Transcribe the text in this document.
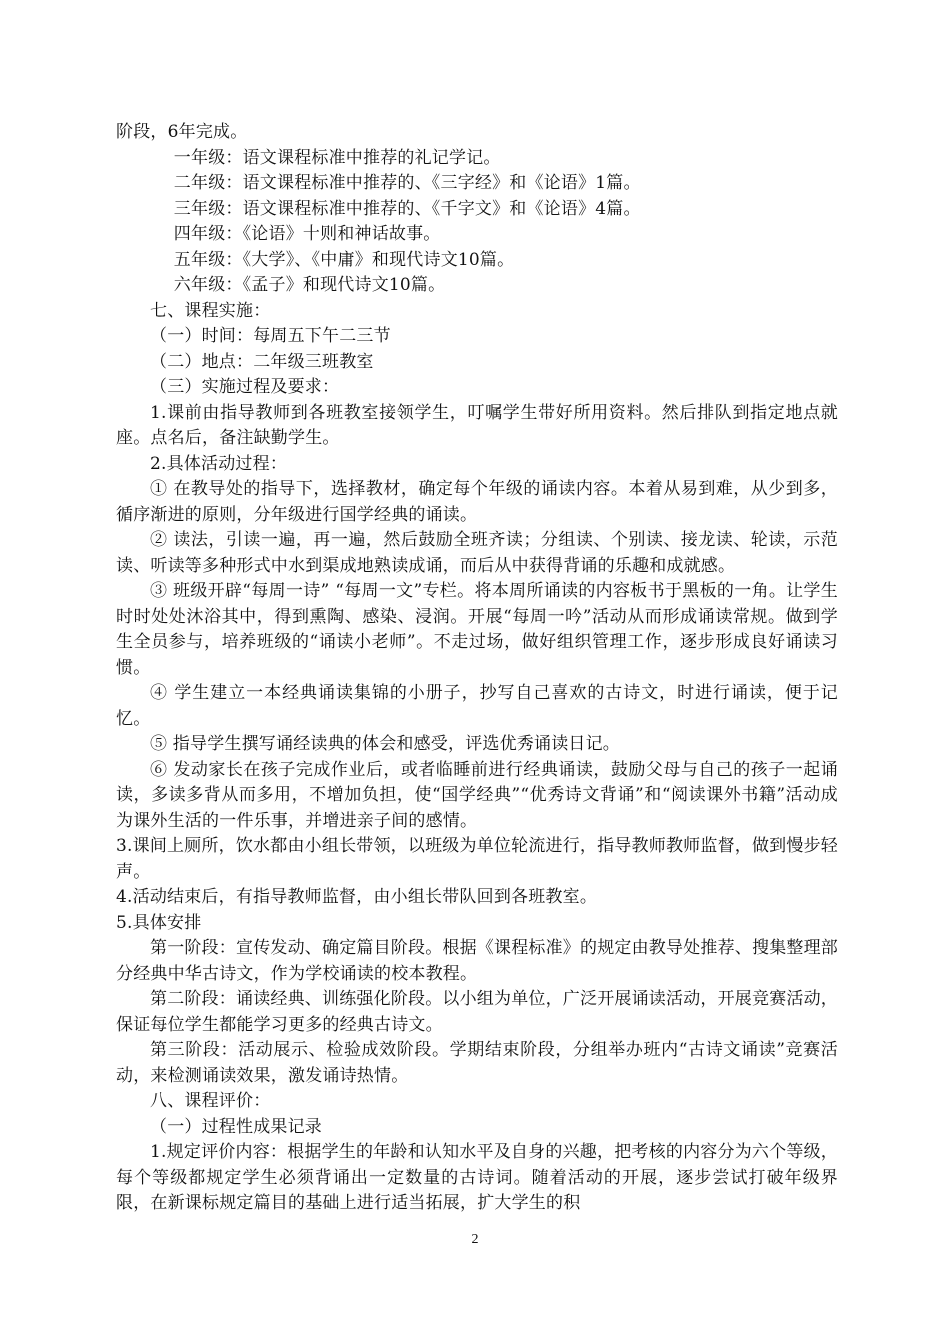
阶段，6年完成。

一年级：语文课程标准中推荐的礼记学记。

二年级：语文课程标准中推荐的、《三字经》和《论语》1篇。

三年级：语文课程标准中推荐的、《千字文》和《论语》4篇。

四年级：《论语》十则和神话故事。

五年级：《大学》、《中庸》和现代诗文10篇。

六年级：《孟子》和现代诗文10篇。

七、课程实施：

（一）时间：每周五下午二三节

（二）地点：二年级三班教室

（三）实施过程及要求：

1.课前由指导教师到各班教室接领学生，叮嘱学生带好所用资料。然后排队到指定地点就座。点名后，备注缺勤学生。

2.具体活动过程：

① 在教导处的指导下，选择教材，确定每个年级的诵读内容。本着从易到难，从少到多，循序渐进的原则，分年级进行国学经典的诵读。

② 读法，引读一遍，再一遍，然后鼓励全班齐读；分组读、个别读、接龙读、轮读，示范读、听读等多种形式中水到渠成地熟读成诵，而后从中获得背诵的乐趣和成就感。

③ 班级开辟“每周一诗” “每周一文”专栏。将本周所诵读的内容板书于黑板的一角。让学生时时处处沐浴其中，得到熏陶、感染、浸润。开展“每周一吟”活动从而形成诵读常规。做到学生全员参与，培养班级的“诵读小老师”。不走过场，做好组织管理工作，逐步形成良好诵读习惯。

④ 学生建立一本经典诵读集锦的小册子，抄写自己喜欢的古诗文，时进行诵读，便于记忆。

⑤ 指导学生撰写诵经读典的体会和感受，评选优秀诵读日记。

⑥ 发动家长在孩子完成作业后，或者临睡前进行经典诵读，鼓励父母与自己的孩子一起诵读，多读多背从而多用，不增加负担，使“国学经典”“优秀诗文背诵”和“阅读课外书籍”活动成为课外生活的一件乐事，并增进亲子间的感情。

3.课间上厕所，饮水都由小组长带领，以班级为单位轮流进行，指导教师教师监督，做到慢步轻声。

4.活动结束后，有指导教师监督，由小组长带队回到各班教室。

5.具体安排

第一阶段：宣传发动、确定篇目阶段。根据《课程标准》的规定由教导处推荐、搜集整理部分经典中华古诗文，作为学校诵读的校本教程。

第二阶段：诵读经典、训练强化阶段。以小组为单位，广泛开展诵读活动，开展竞赛活动，保证每位学生都能学习更多的经典古诗文。

第三阶段：活动展示、检验成效阶段。学期结束阶段，分组举办班内“古诗文诵读”竞赛活动，来检测诵读效果，激发诵诗热情。

八、课程评价：

（一）过程性成果记录

1.规定评价内容：根据学生的年龄和认知水平及自身的兴趣，把考核的内容分为六个等级，每个等级都规定学生必须背诵出一定数量的古诗词。随着活动的开展，逐步尝试打破年级界限，在新课标规定篇目的基础上进行适当拓展，扩大学生的积

2
